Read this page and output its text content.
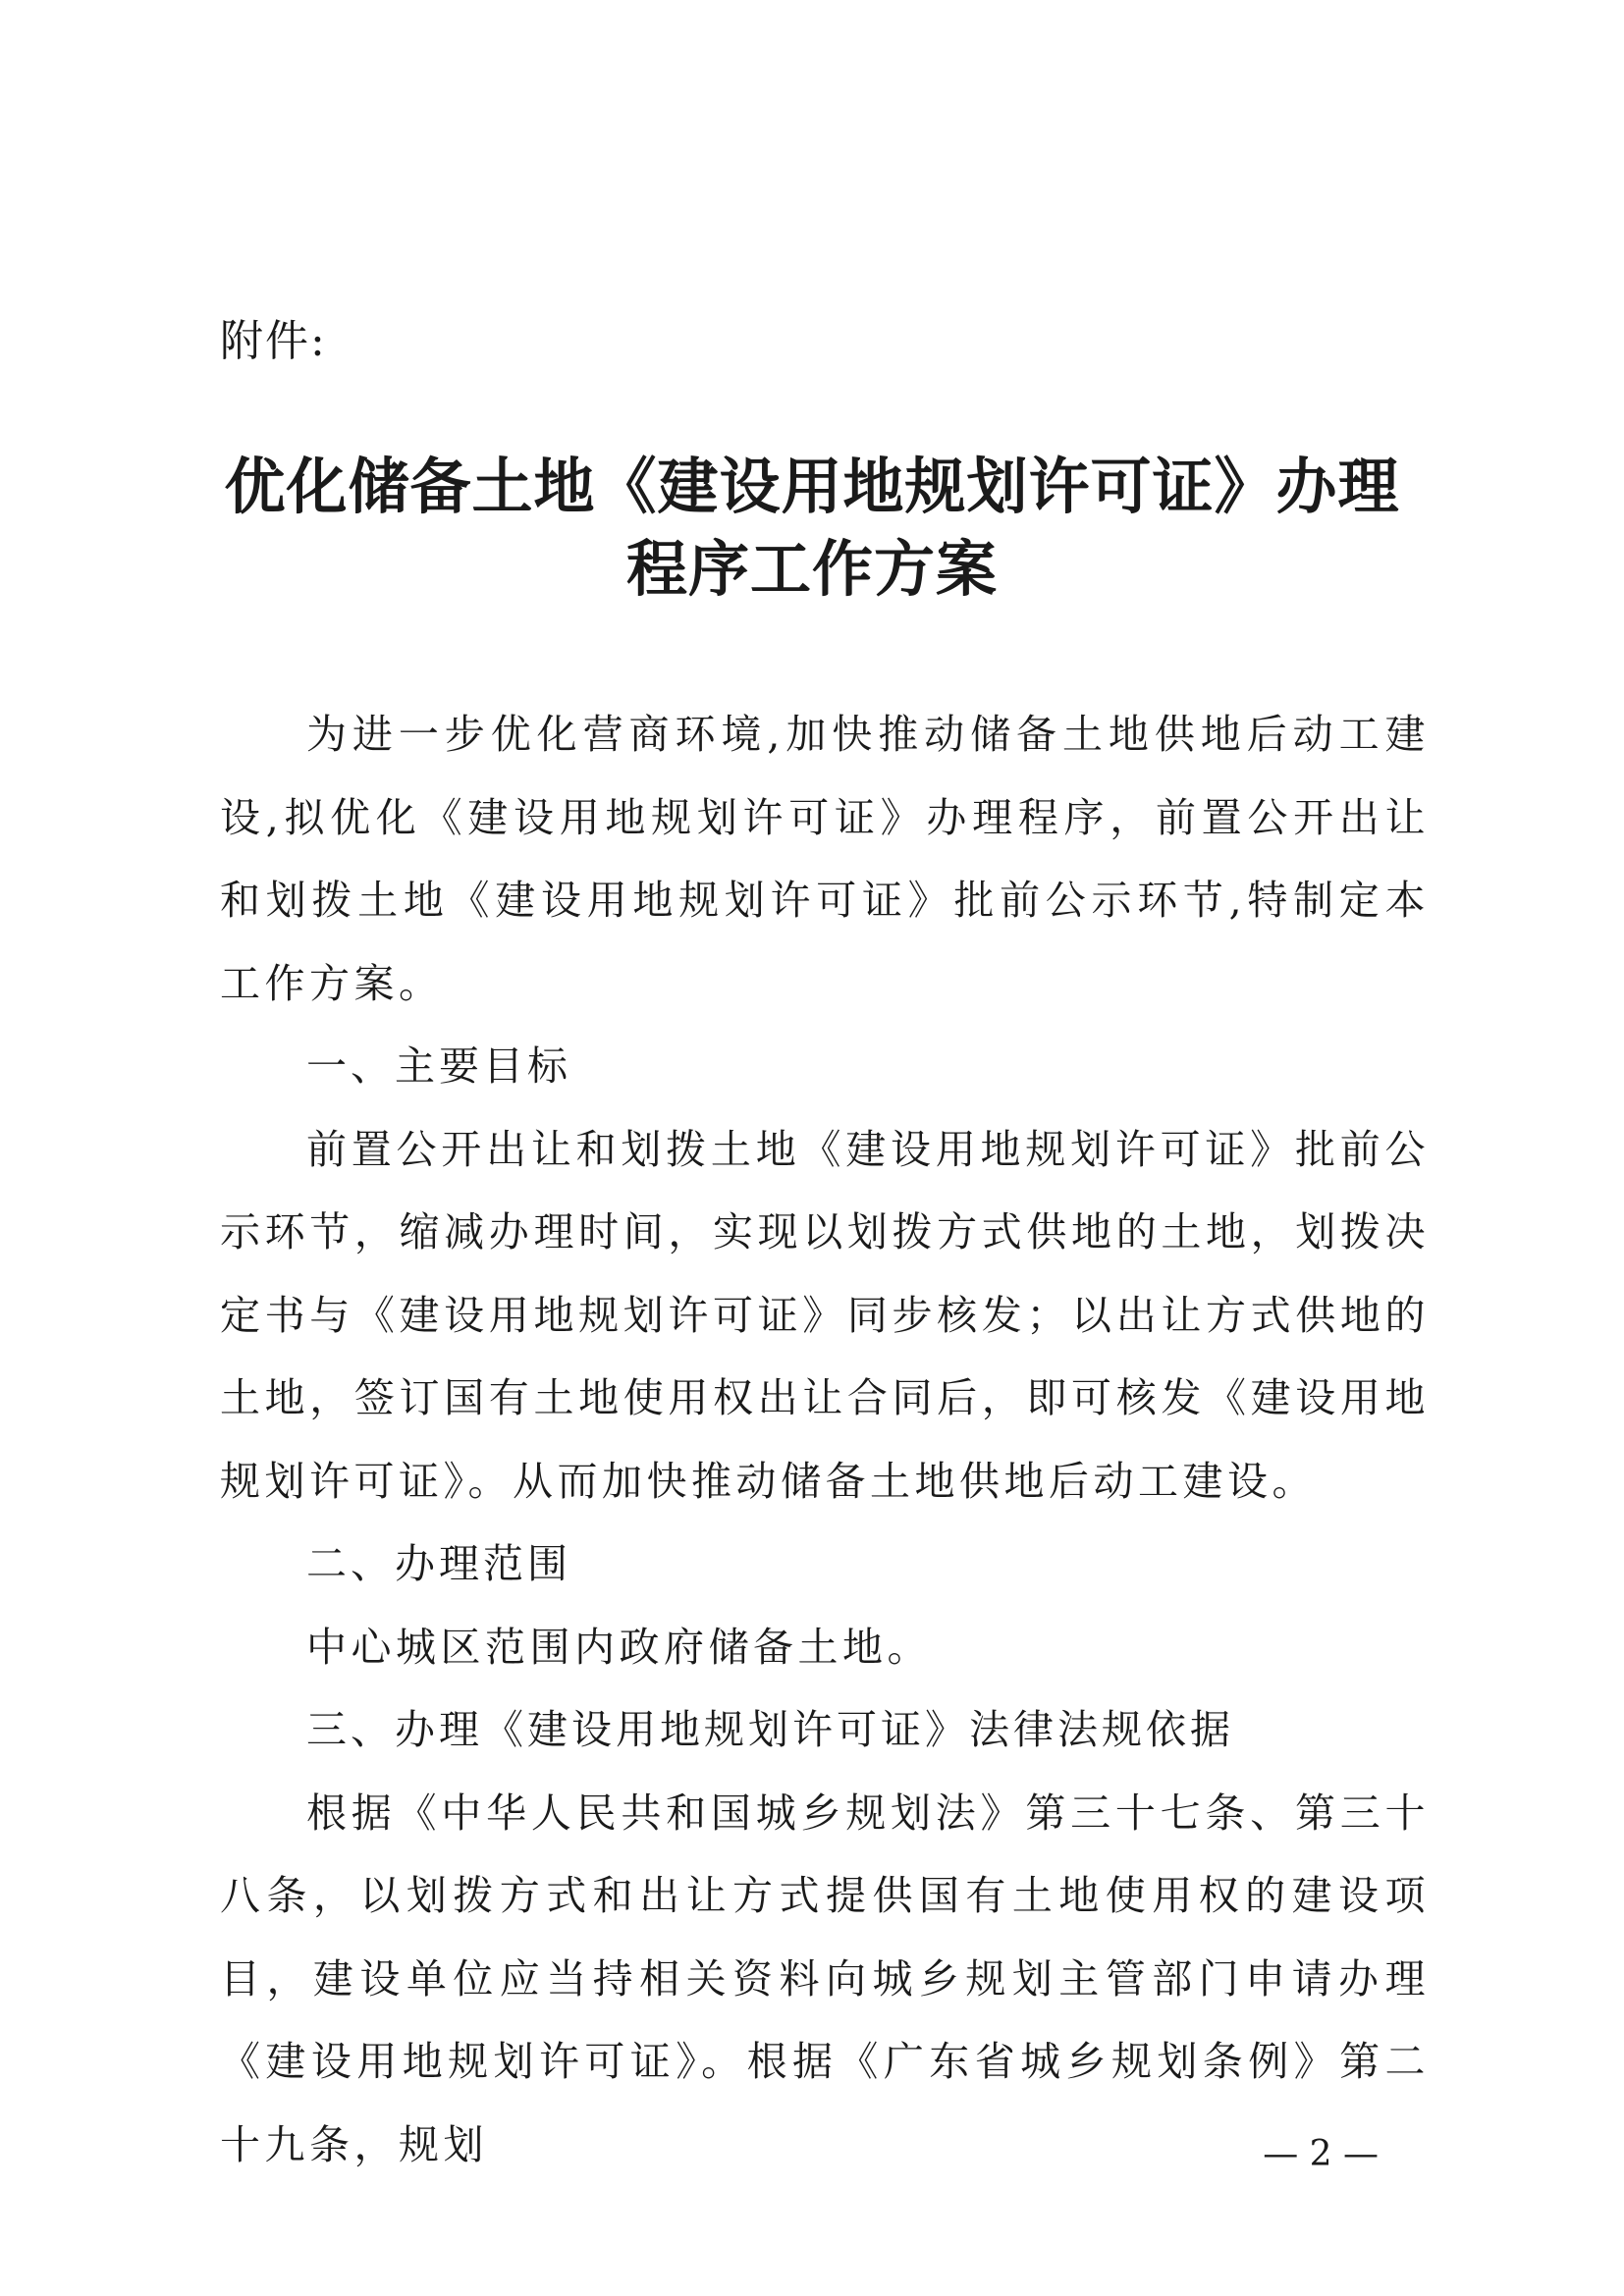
附件:
优化储备土地《建设用地规划许可证》办理
程序工作方案

为进一步优化营商环境,加快推动储备土地供地后动工建设,拟优化《建设用地规划许可证》办理程序，前置公开出让和划拨土地《建设用地规划许可证》批前公示环节,特制定本工作方案。

一、主要目标

前置公开出让和划拨土地《建设用地规划许可证》批前公示环节，缩减办理时间，实现以划拨方式供地的土地，划拨决定书与《建设用地规划许可证》同步核发；以出让方式供地的土地，签订国有土地使用权出让合同后，即可核发《建设用地规划许可证》。从而加快推动储备土地供地后动工建设。

二、办理范围

中心城区范围内政府储备土地。

三、办理《建设用地规划许可证》法律法规依据

根据《中华人民共和国城乡规划法》第三十七条、第三十八条，以划拨方式和出让方式提供国有土地使用权的建设项目，建设单位应当持相关资料向城乡规划主管部门申请办理《建设用地规划许可证》。根据《广东省城乡规划条例》第二十九条，规划	— 2 —
